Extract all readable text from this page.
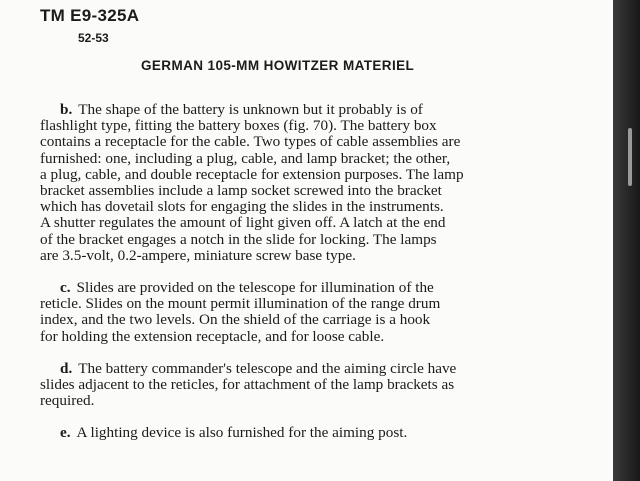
TM E9-325A
52-53
GERMAN 105-MM HOWITZER MATERIEL

b. The shape of the battery is unknown but it probably is of
flashlight type, fitting the battery boxes (fig. 70). The battery box
contains a receptacle for the cable. Two types of cable assemblies are
furnished: one, including a plug, cable, and lamp bracket; the other,
a plug, cable, and double receptacle for extension purposes. The lamp
bracket assemblies include a lamp socket screwed into the bracket
which has dovetail slots for engaging the slides in the instruments.
A shutter regulates the amount of light given off. A latch at the end
of the bracket engages a notch in the slide for locking. The lamps
are 3.5-volt, 0.2-ampere, miniature screw base type.

c. Slides are provided on the telescope for illumination of the
reticle. Slides on the mount permit illumination of the range drum
index, and the two levels. On the shield of the carriage is a hook
for holding the extension receptacle, and for loose cable.

d. The battery commander's telescope and the aiming circle have
slides adjacent to the reticles, for attachment of the lamp brackets as
required.

e. A lighting device is also furnished for the aiming post.
